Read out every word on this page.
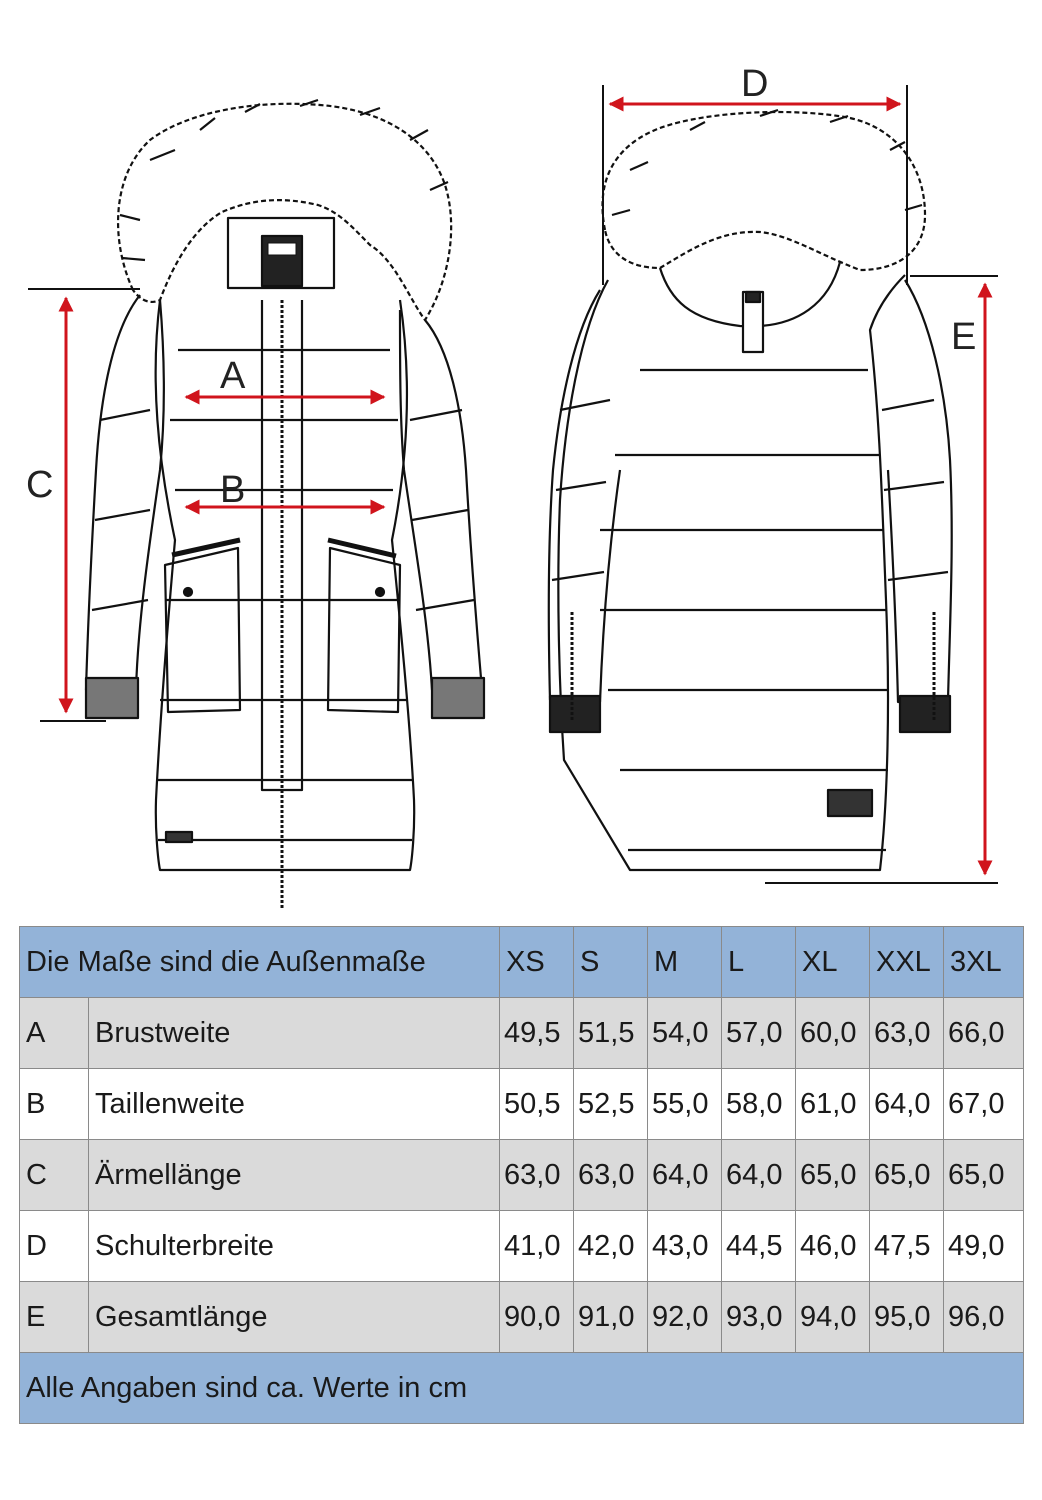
A
B
C
D
E
Die Maße sind die Außenmaße		XS	S	M	L	XL	XXL	3XL
A	Brustweite	49,5	51,5	54,0	57,0	60,0	63,0	66,0
B	Taillenweite	50,5	52,5	55,0	58,0	61,0	64,0	67,0
C	Ärmellänge	63,0	63,0	64,0	64,0	65,0	65,0	65,0
D	Schulterbreite	41,0	42,0	43,0	44,5	46,0	47,5	49,0
E	Gesamtlänge	90,0	91,0	92,0	93,0	94,0	95,0	96,0
Alle Angaben sind ca. Werte in cm								
